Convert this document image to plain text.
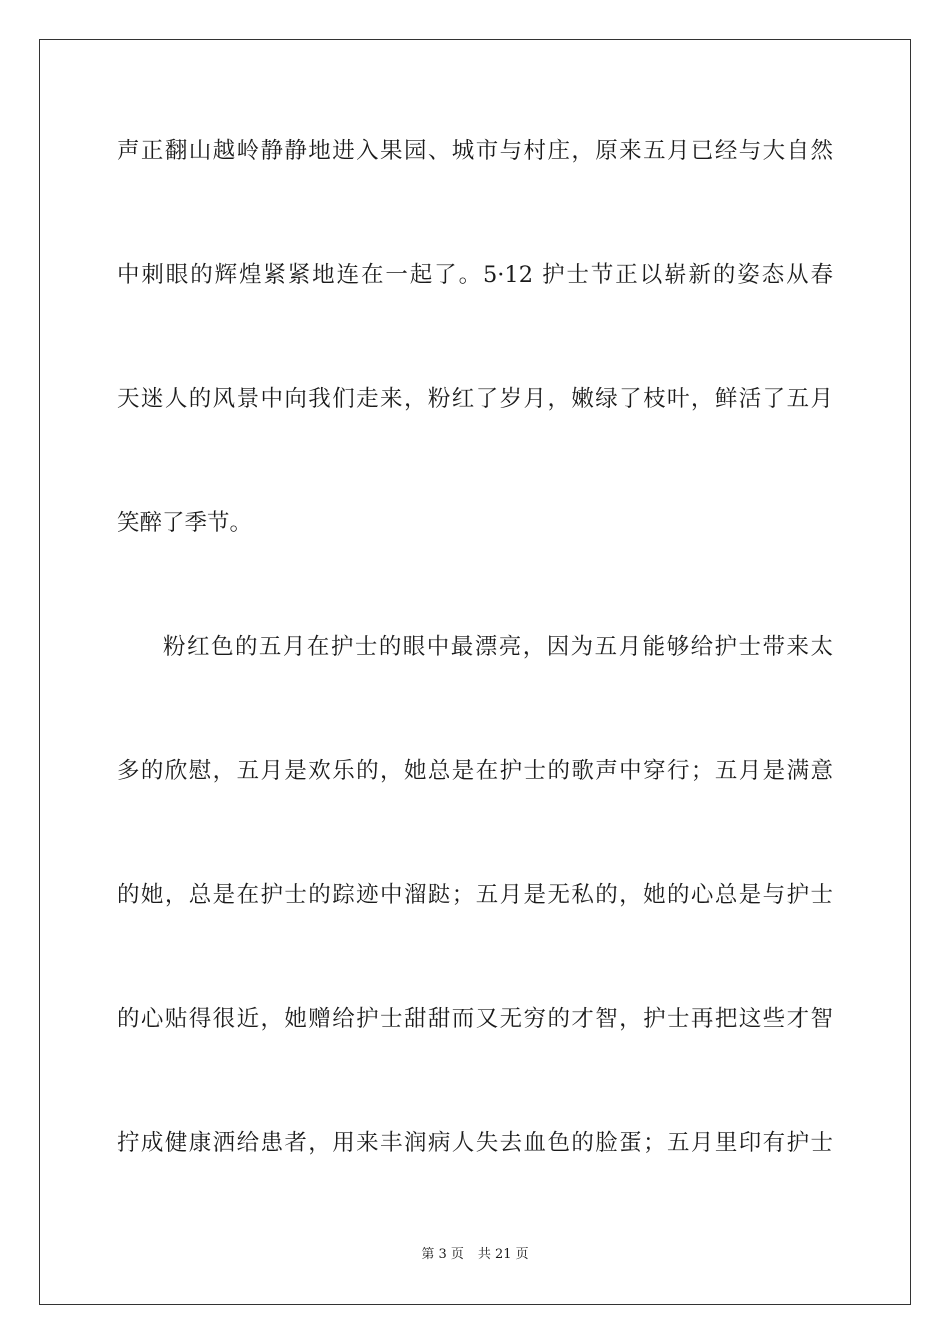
声正翻山越岭静静地进入果园、城市与村庄，原来五月已经与大自然
中刺眼的辉煌紧紧地连在一起了。5·12 护士节正以崭新的姿态从春
天迷人的风景中向我们走来，粉红了岁月，嫩绿了枝叶，鲜活了五月
笑醉了季节。
粉红色的五月在护士的眼中最漂亮，因为五月能够给护士带来太
多的欣慰，五月是欢乐的，她总是在护士的歌声中穿行；五月是满意
的她，总是在护士的踪迹中溜跶；五月是无私的，她的心总是与护士
的心贴得很近，她赠给护士甜甜而又无穷的才智，护士再把这些才智
拧成健康洒给患者，用来丰润病人失去血色的脸蛋；五月里印有护士
第 3 页 共 21 页
